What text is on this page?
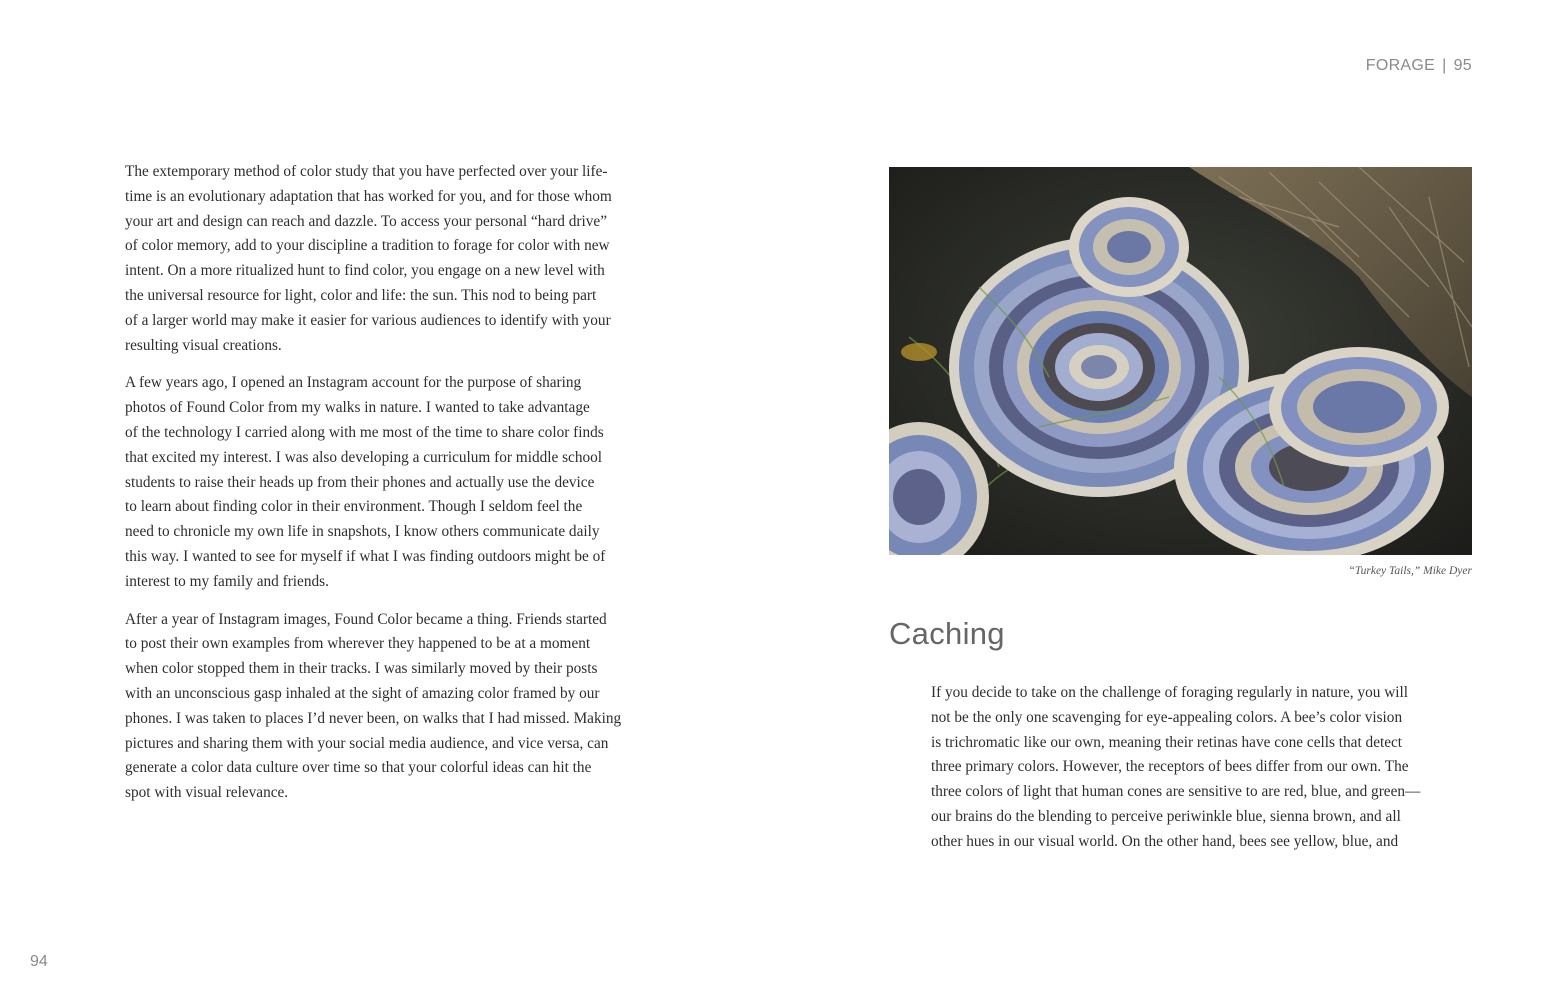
The extemporary method of color study that you have perfected over your life-
time is an evolutionary adaptation that has worked for you, and for those whom
your art and design can reach and dazzle. To access your personal “hard drive”
of color memory, add to your discipline a tradition to forage for color with new
intent. On a more ritualized hunt to find color, you engage on a new level with
the universal resource for light, color and life: the sun. This nod to being part
of a larger world may make it easier for various audiences to identify with your
resulting visual creations.

A few years ago, I opened an Instagram account for the purpose of sharing
photos of Found Color from my walks in nature. I wanted to take advantage
of the technology I carried along with me most of the time to share color finds
that excited my interest. I was also developing a curriculum for middle school
students to raise their heads up from their phones and actually use the device
to learn about finding color in their environment. Though I seldom feel the
need to chronicle my own life in snapshots, I know others communicate daily
this way. I wanted to see for myself if what I was finding outdoors might be of
interest to my family and friends.

After a year of Instagram images, Found Color became a thing. Friends started
to post their own examples from wherever they happened to be at a moment
when color stopped them in their tracks. I was similarly moved by their posts
with an unconscious gasp inhaled at the sight of amazing color framed by our
phones. I was taken to places I’d never been, on walks that I had missed. Making
pictures and sharing them with your social media audience, and vice versa, can
generate a color data culture over time so that your colorful ideas can hit the
spot with visual relevance.

94
FORAGE | 95
“Turkey Tails,” Mike Dyer
Caching

If you decide to take on the challenge of foraging regularly in nature, you will
not be the only one scavenging for eye-appealing colors. A bee’s color vision
is trichromatic like our own, meaning their retinas have cone cells that detect
three primary colors. However, the receptors of bees differ from our own. The
three colors of light that human cones are sensitive to are red, blue, and green—
our brains do the blending to perceive periwinkle blue, sienna brown, and all
other hues in our visual world. On the other hand, bees see yellow, blue, and
